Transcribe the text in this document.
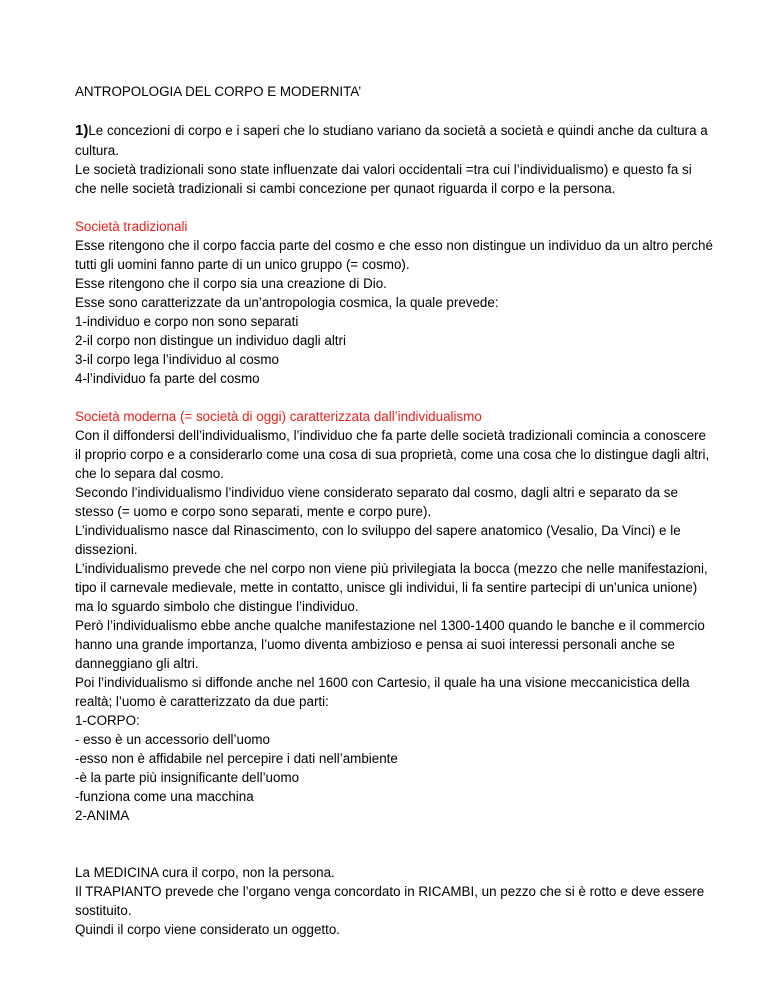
ANTROPOLOGIA DEL CORPO E MODERNITA’
1)Le concezioni di corpo e i saperi che lo studiano variano da società a società e quindi anche da cultura a
cultura.
Le società tradizionali sono state influenzate dai valori occidentali =tra cui l’individualismo) e questo fa si
che nelle società tradizionali si cambi concezione per qunaot riguarda il corpo e la persona.
Società tradizionali
Esse ritengono che il corpo faccia parte del cosmo e che esso non distingue un individuo da un altro perché
tutti gli uomini fanno parte di un unico gruppo (= cosmo).
Esse ritengono che il corpo sia una creazione di Dio.
Esse sono caratterizzate da un’antropologia cosmica, la quale prevede:
1-individuo e corpo non sono separati
2-il corpo non distingue un individuo dagli altri
3-il corpo lega l’individuo al cosmo
4-l’individuo fa parte del cosmo
Società moderna (= società di oggi) caratterizzata dall’individualismo
Con il diffondersi dell’individualismo, l’individuo che fa parte delle società tradizionali comincia a conoscere
il proprio corpo e a considerarlo come una cosa di sua proprietà, come una cosa che lo distingue dagli altri,
che lo separa dal cosmo.
Secondo l’individualismo l’individuo viene considerato separato dal cosmo, dagli altri e separato da se
stesso (= uomo e corpo sono separati, mente e corpo pure).
L’individualismo nasce dal Rinascimento, con lo sviluppo del sapere anatomico (Vesalio, Da Vinci) e le
dissezioni.
L’individualismo prevede che nel corpo non viene più privilegiata la bocca (mezzo che nelle manifestazioni,
tipo il carnevale medievale, mette in contatto, unisce gli individui, li fa sentire partecipi di un’unica unione)
ma lo sguardo simbolo che distingue l’individuo.
Però l’individualismo ebbe anche qualche manifestazione nel 1300-1400 quando le banche e il commercio
hanno una grande importanza, l’uomo diventa ambizioso e pensa ai suoi interessi personali anche se
danneggiano gli altri.
Poi l’individualismo si diffonde anche nel 1600 con Cartesio, il quale ha una visione meccanicistica della
realtà; l’uomo è caratterizzato da due parti:
1-CORPO:
- esso è un accessorio dell’uomo
-esso non è affidabile nel percepire i dati nell’ambiente
-è la parte più insignificante dell’uomo
-funziona come una macchina
2-ANIMA
La MEDICINA cura il corpo, non la persona.
Il TRAPIANTO prevede che l’organo venga concordato in RICAMBI, un pezzo che si è rotto e deve essere
sostituito.
Quindi il corpo viene considerato un oggetto.
